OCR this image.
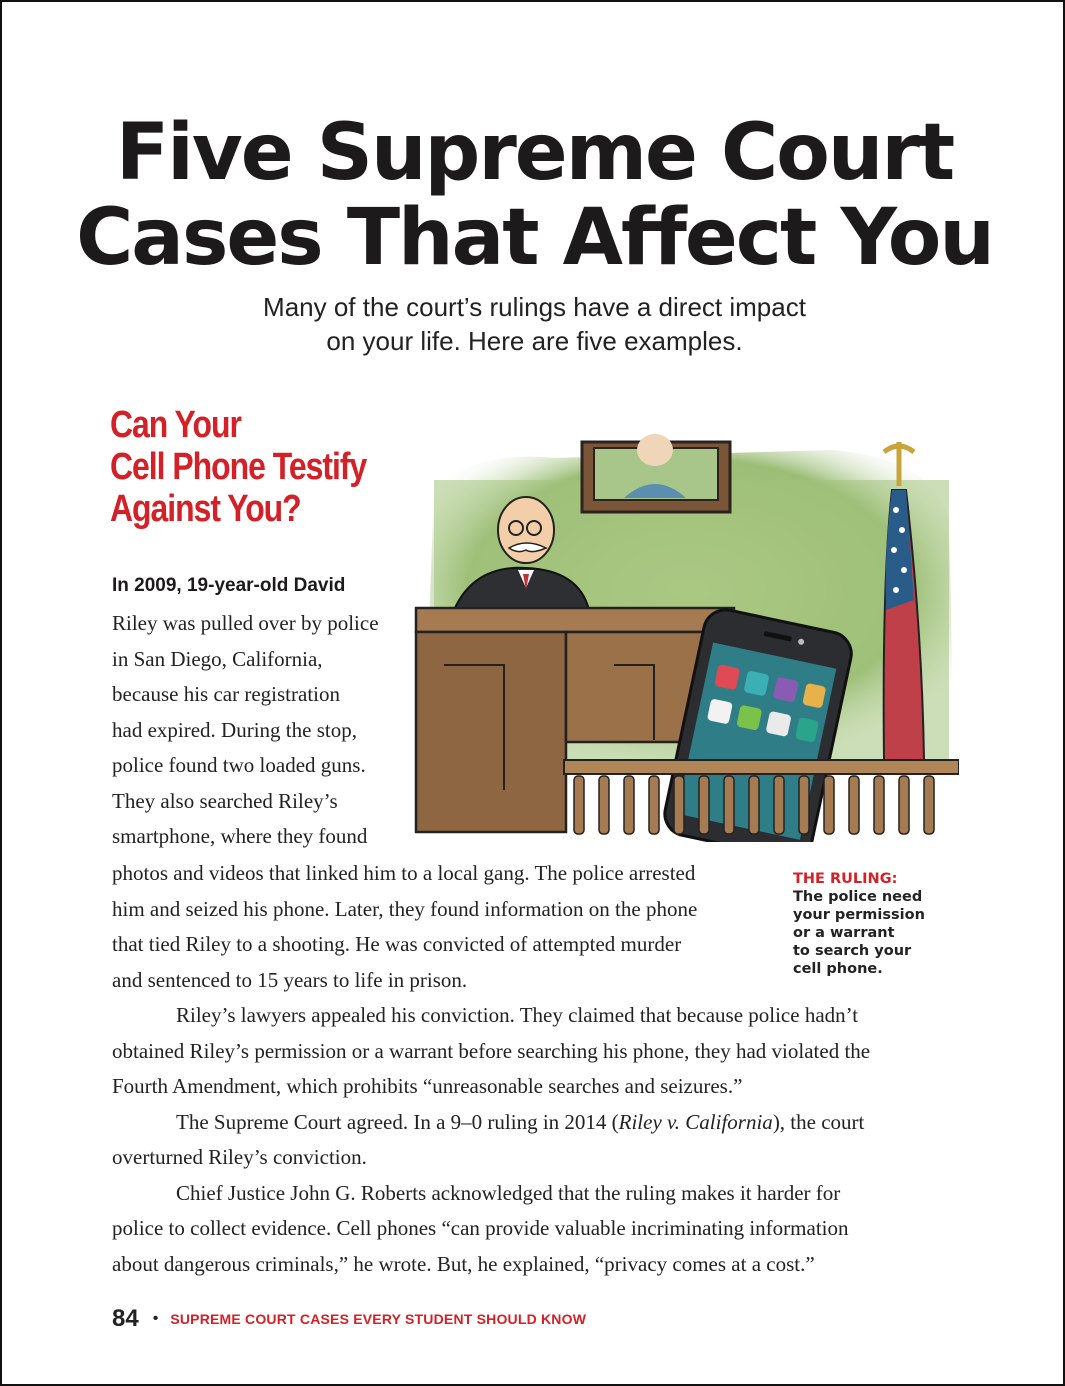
Five Supreme Court
Cases That Affect You
Many of the court’s rulings have a direct impact
on your life. Here are five examples.
Can Your
Cell Phone Testify
Against You?
In 2009, 19-year-old David
Riley was pulled over by police
in San Diego, California,
because his car registration
had expired. During the stop,
police found two loaded guns.
They also searched Riley’s
smartphone, where they found
photos and videos that linked him to a local gang. The police arrested
him and seized his phone. Later, they found information on the phone
that tied Riley to a shooting. He was convicted of attempted murder
and sentenced to 15 years to life in prison.
Riley’s lawyers appealed his conviction. They claimed that because police hadn’t
obtained Riley’s permission or a warrant before searching his phone, they had violated the
Fourth Amendment, which prohibits “unreasonable searches and seizures.”
The Supreme Court agreed. In a 9–0 ruling in 2014 (Riley v. California), the court
overturned Riley’s conviction.
Chief Justice John G. Roberts acknowledged that the ruling makes it harder for
police to collect evidence. Cell phones “can provide valuable incriminating information
about dangerous criminals,” he wrote. But, he explained, “privacy comes at a cost.”
THE RULING:
The police need
your permission
or a warrant
to search your
cell phone.
84 • SUPREME COURT CASES EVERY STUDENT SHOULD KNOW
